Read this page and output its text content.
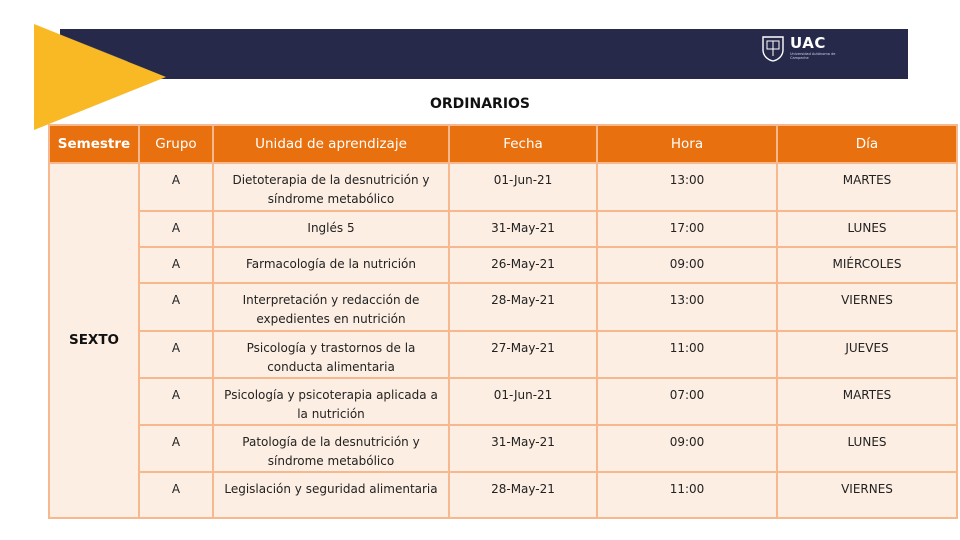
UAC
Universidad Autónoma de Campeche
ORDINARIOS
Semestre	Grupo	Unidad de aprendizaje	Fecha	Hora	Día
SEXTO	A	Dietoterapia de la desnutrición y síndrome metabólico	01-Jun-21	13:00	MARTES
	A	Inglés 5	31-May-21	17:00	LUNES
	A	Farmacología de la nutrición	26-May-21	09:00	MIÉRCOLES
	A	Interpretación y redacción de expedientes en nutrición	28-May-21	13:00	VIERNES
	A	Psicología y trastornos de la conducta alimentaria	27-May-21	11:00	JUEVES
	A	Psicología y psicoterapia aplicada a la nutrición	01-Jun-21	07:00	MARTES
	A	Patología de la desnutrición y síndrome metabólico	31-May-21	09:00	LUNES
	A	Legislación y seguridad alimentaria	28-May-21	11:00	VIERNES
